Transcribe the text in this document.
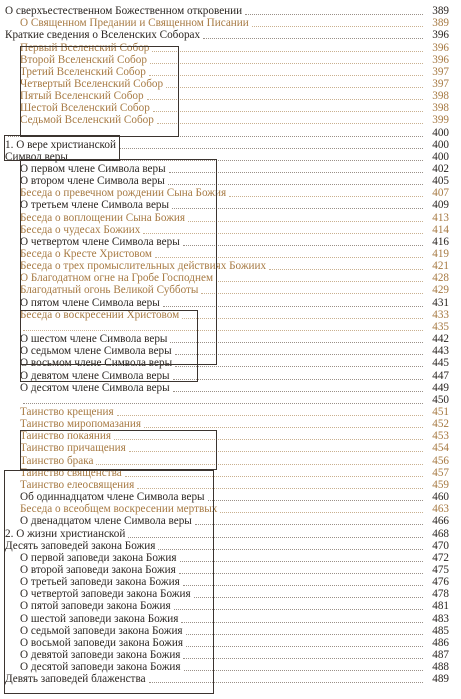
О сверхъестественном Божественном откровении	389
О Священном Предании и Священном Писании	389
Краткие сведения о Вселенских Соборах	396
Первый Вселенский Собор	396
Второй Вселенский Собор	396
Третий Вселенский Собор	397
Четвертый Вселенский Собор	397
Пятый Вселенский Собор	398
Шестой Вселенский Собор	398
Седьмой Вселенский Собор	399
400
1. О вере христианской	400
Символ веры	400
О первом члене Символа веры	402
О втором члене Символа веры	405
Беседа о превечном рождении Сына Божия	407
О третьем члене Символа веры	409
Беседа о воплощении Сына Божия	413
Беседа о чудесах Божиих	414
О четвертом члене Символа веры	416
Беседа о Кресте Христовом	419
Беседа о трех промыслительных действиях Божиих	421
О Благодатном огне на Гробе Господнем	428
Благодатный огонь Великой Субботы	429
О пятом члене Символа веры	431
Беседа о воскресении Христовом	433
435
О шестом члене Символа веры	442
О седьмом члене Символа веры	443
О восьмом члене Символа веры	445
О девятом члене Символа веры	447
О десятом члене Символа веры	449
450
Таинство крещения	451
Таинство миропомазания	452
Таинство покаяния	453
Таинство причащения	454
Таинство брака	456
Таинство священства	457
Таинство елеосвящения	459
Об одиннадцатом члене Символа веры	460
Беседа о всеобщем воскресении мертвых	463
О двенадцатом члене Символа веры	466
2. О жизни христианской	468
Десять заповедей закона Божия	470
О первой заповеди закона Божия	472
О второй заповеди закона Божия	475
О третьей заповеди закона Божия	476
О четвертой заповеди закона Божия	478
О пятой заповеди закона Божия	481
О шестой заповеди закона Божия	483
О седьмой заповеди закона Божия	485
О восьмой заповеди закона Божия	486
О девятой заповеди закона Божия	487
О десятой заповеди закона Божия	488
Девять заповедей блаженства	489
